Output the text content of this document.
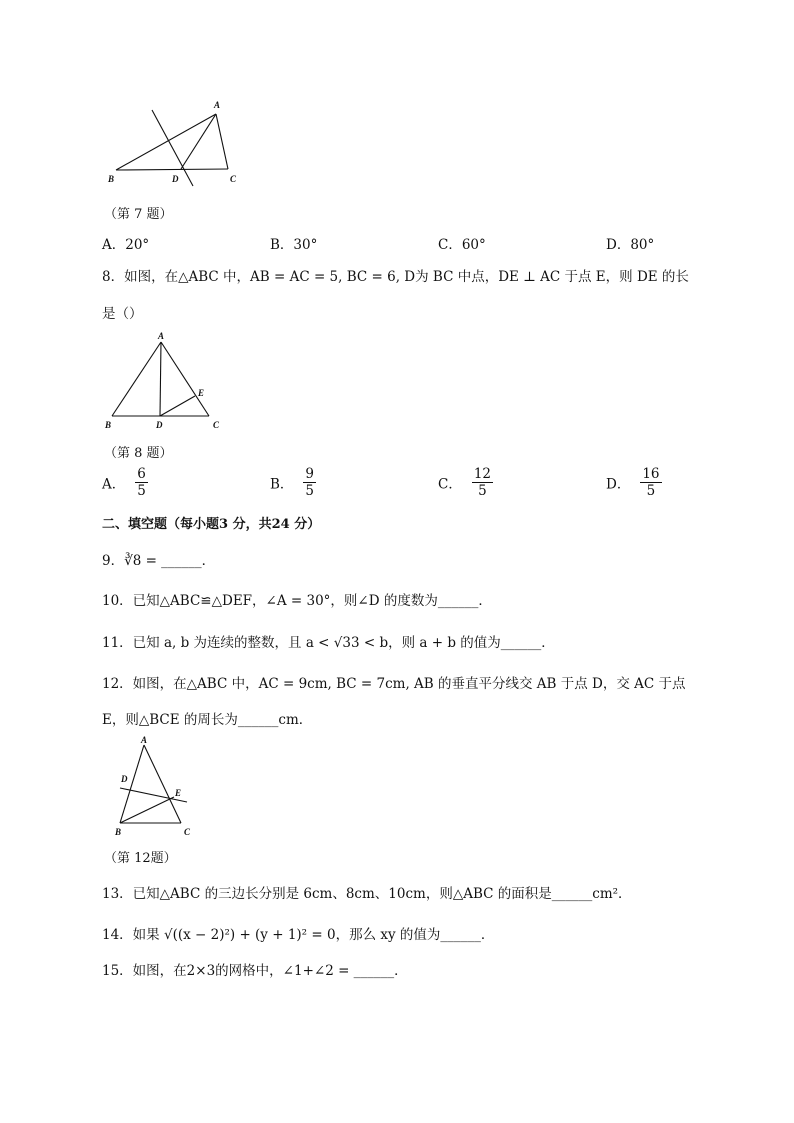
A
B	D	C
（第 7 题）
A．20°	B．30°	C．60°	D．80°
8．如图，在△ABC 中，AB = AC = 5, BC = 6, D为 BC 中点，DE ⊥ AC 于点 E，则 DE 的长
是（）
A
E
B	D	C
（第 8 题）
A． $\frac{6}{5}$	B． $\frac{9}{5}$	C． $\frac{12}{5}$	D． $\frac{16}{5}$
二、填空题（每小题3 分，共24 分）
9．∛8 = ______．
10．已知△ABC≌△DEF，∠A = 30°，则∠D 的度数为______．
11．已知 a, b 为连续的整数，且 a < √33 < b，则 a + b 的值为______．
12．如图，在△ABC 中，AC = 9cm, BC = 7cm, AB 的垂直平分线交 AB 于点 D，交 AC 于点
E，则△BCE 的周长为______cm．
A
D
E
B	C
（第 12题）
13．已知△ABC 的三边长分别是 6cm、8cm、10cm，则△ABC 的面积是______cm²．
14．如果 √((x − 2)²) + (y + 1)² = 0，那么 xy 的值为______．
15．如图，在2×3的网格中，∠1+∠2 = ______．
